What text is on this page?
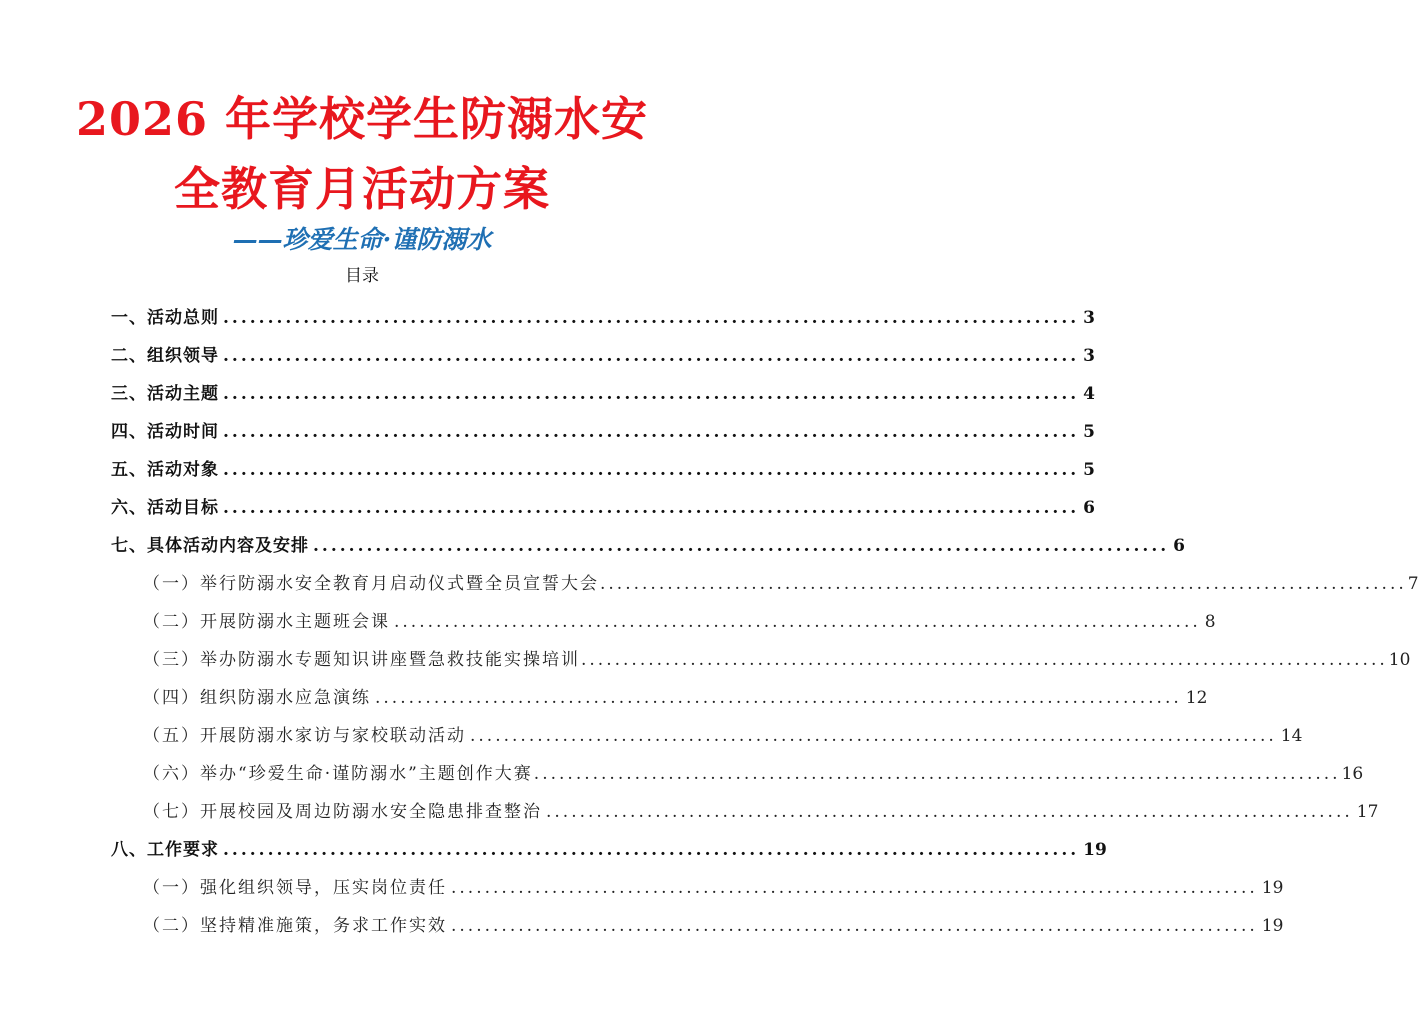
2026 年学校学生防溺水安
全教育月活动方案
——珍爱生命·谨防溺水
目录
一、活动总则 ................................................................................................ 3
二、组织领导 ................................................................................................ 3
三、活动主题 ................................................................................................ 4
四、活动时间 ................................................................................................ 5
五、活动对象 ................................................................................................ 5
六、活动目标 ................................................................................................ 6
七、具体活动内容及安排 ................................................................................................ 6
（一）举行防溺水安全教育月启动仪式暨全员宣誓大会 ................................................................................................ 7
（二）开展防溺水主题班会课 ................................................................................................ 8
（三）举办防溺水专题知识讲座暨急救技能实操培训 ................................................................................................ 10
（四）组织防溺水应急演练 ................................................................................................ 12
（五）开展防溺水家访与家校联动活动 ................................................................................................ 14
（六）举办“珍爱生命·谨防溺水”主题创作大赛 ................................................................................................ 16
（七）开展校园及周边防溺水安全隐患排查整治 ................................................................................................ 17
八、工作要求 ................................................................................................ 19
（一）强化组织领导，压实岗位责任 ................................................................................................ 19
（二）坚持精准施策，务求工作实效 ................................................................................................ 19
